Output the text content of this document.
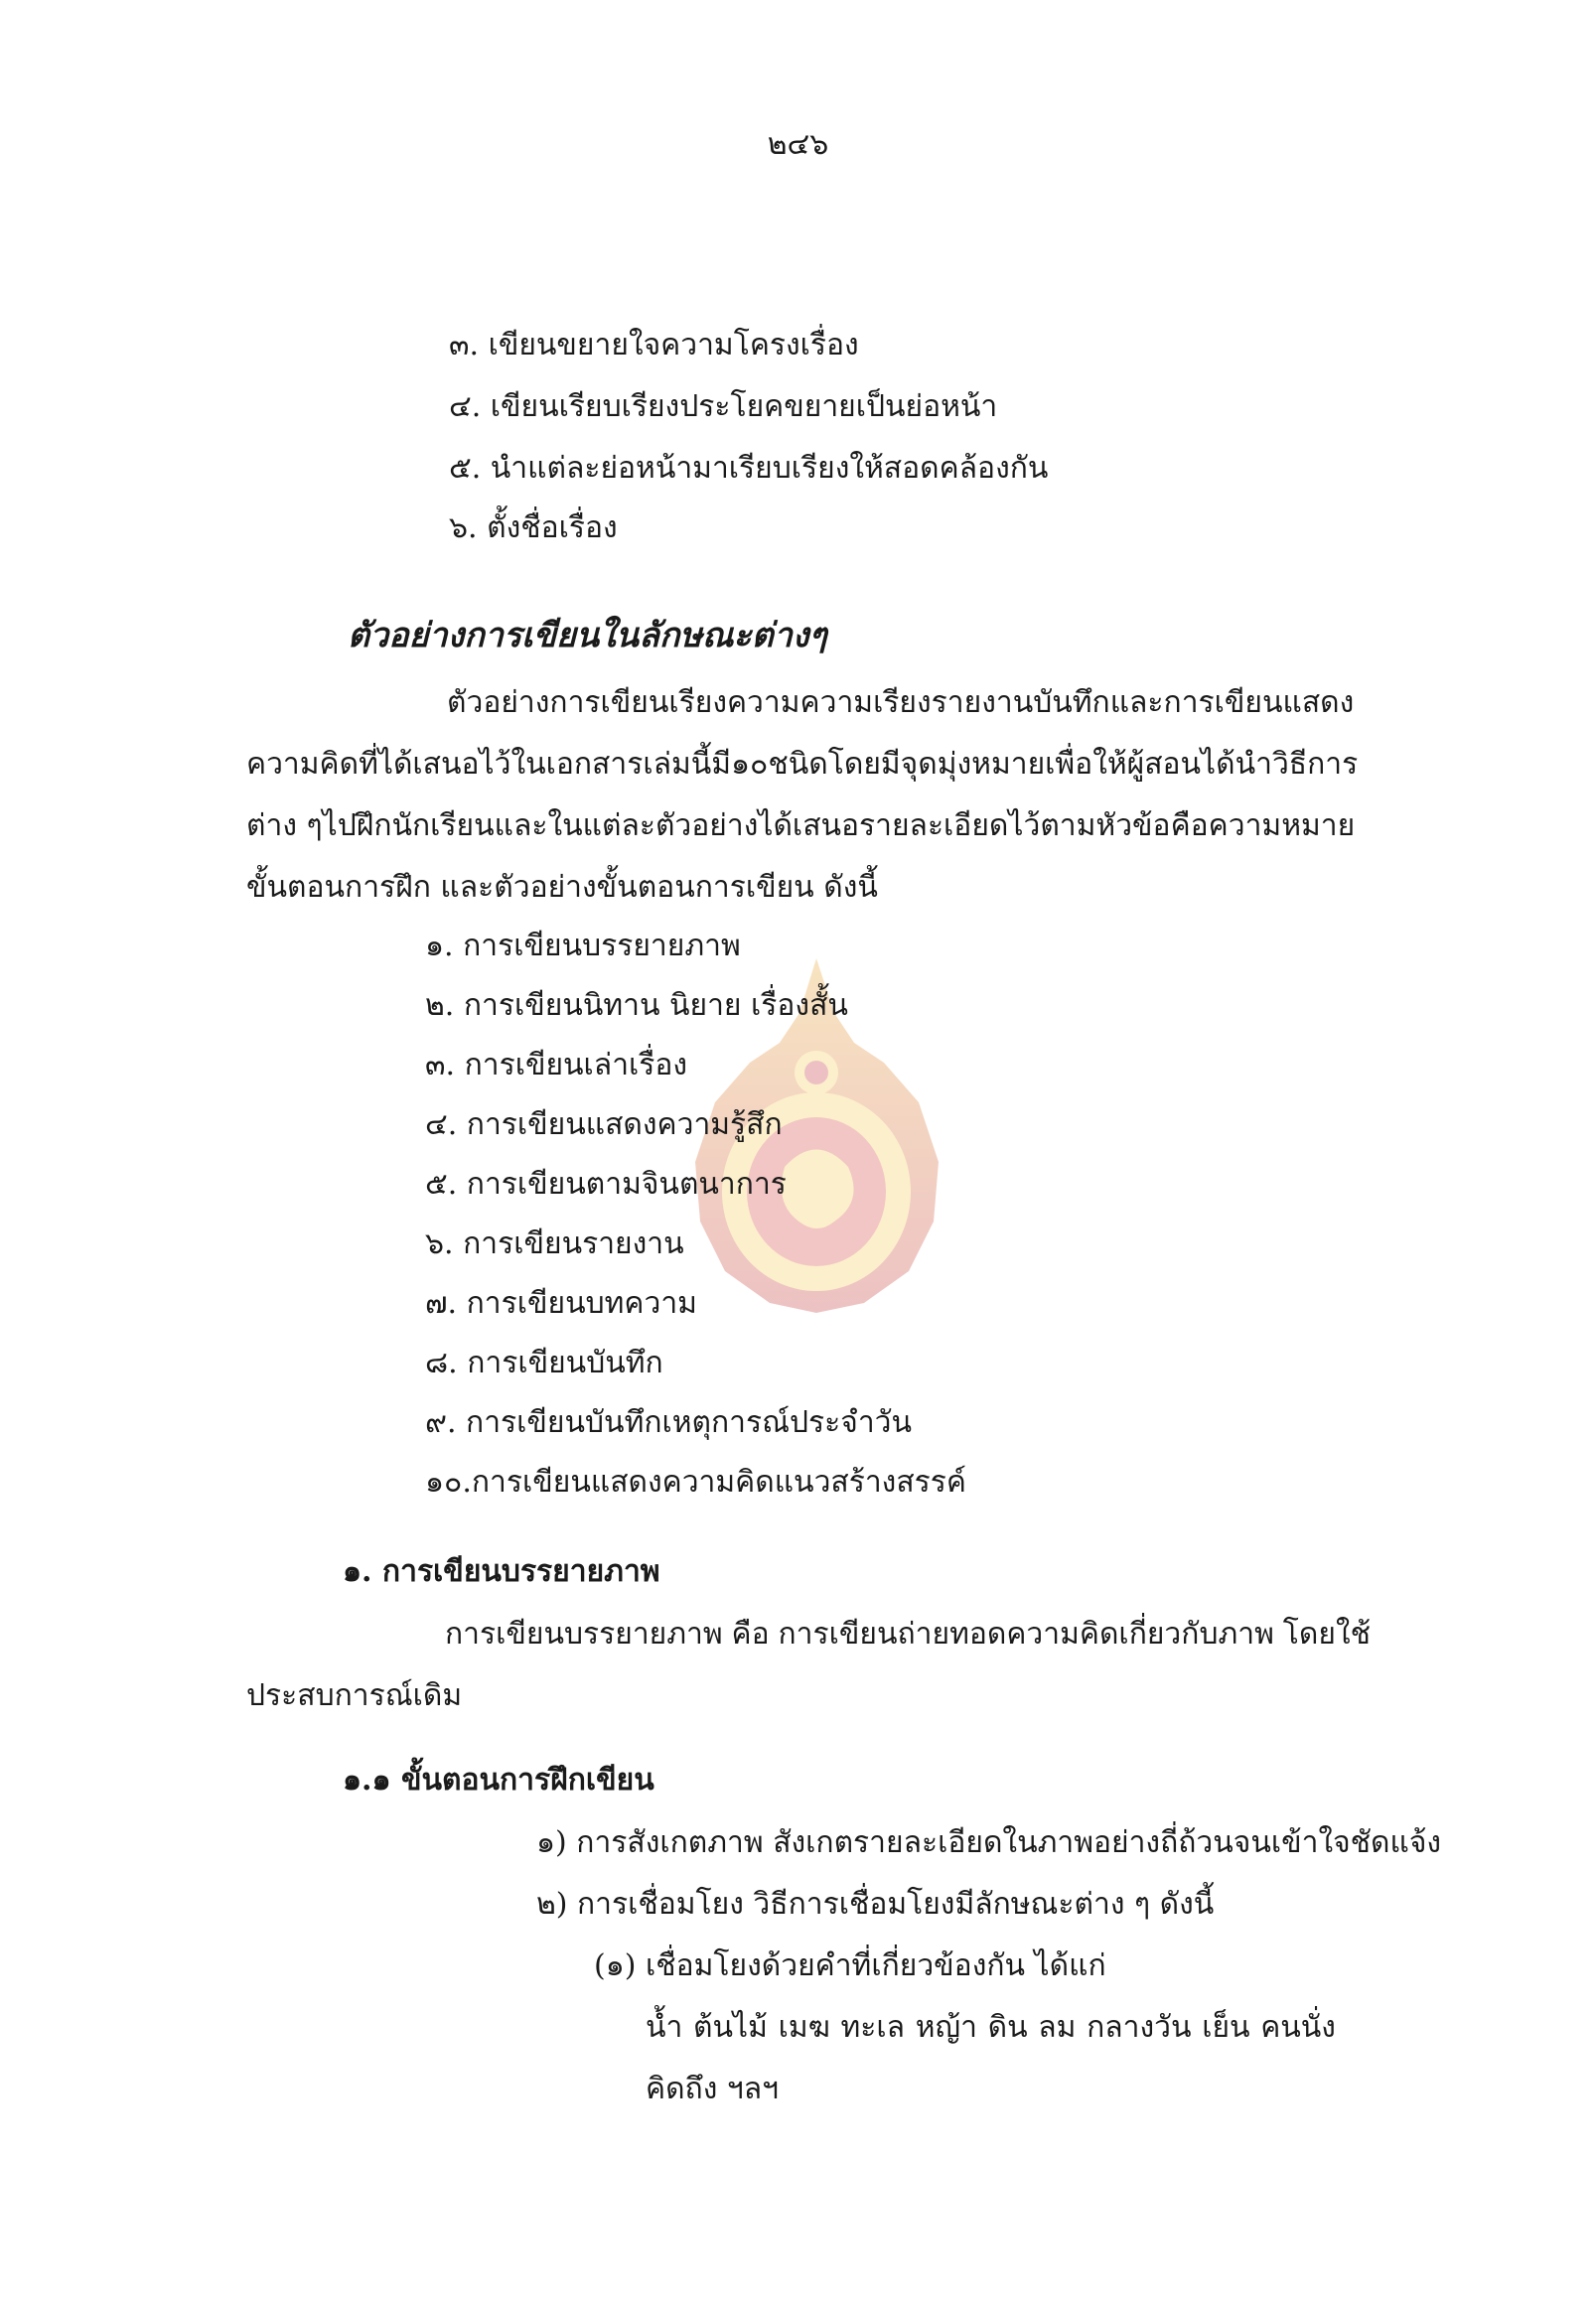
๒๔๖
๓. เขียนขยายใจความโครงเรื่อง
๔. เขียนเรียบเรียงประโยคขยายเป็นย่อหน้า
๕. นำแต่ละย่อหน้ามาเรียบเรียงให้สอดคล้องกัน
๖. ตั้งชื่อเรื่อง
ตัวอย่างการเขียนในลักษณะต่างๆ
ตัวอย่างการเขียนเรียงความ ความเรียง รายงาน บันทึกและการเขียนแสดง
ความคิดที่ได้เสนอไว้ในเอกสารเล่มนี้มี ๑๐ ชนิด โดยมีจุดมุ่งหมายเพื่อให้ผู้สอนได้นำวิธีการ
ต่าง ๆ ไปฝึกนักเรียน และในแต่ละตัวอย่างได้เสนอรายละเอียดไว้ตามหัวข้อ คือ ความหมาย
ขั้นตอนการฝึก และตัวอย่างขั้นตอนการเขียน ดังนี้
๑. การเขียนบรรยายภาพ
๒. การเขียนนิทาน นิยาย เรื่องสั้น
๓. การเขียนเล่าเรื่อง
๔. การเขียนแสดงความรู้สึก
๕. การเขียนตามจินตนาการ
๖. การเขียนรายงาน
๗. การเขียนบทความ
๘. การเขียนบันทึก
๙. การเขียนบันทึกเหตุการณ์ประจำวัน
๑๐.การเขียนแสดงความคิดแนวสร้างสรรค์
๑. การเขียนบรรยายภาพ
การเขียนบรรยายภาพ คือ การเขียนถ่ายทอดความคิดเกี่ยวกับภาพ โดยใช้
ประสบการณ์เดิม
๑.๑ ขั้นตอนการฝึกเขียน
๑) การสังเกตภาพ สังเกตรายละเอียดในภาพอย่างถี่ถ้วนจนเข้าใจชัดแจ้ง
๒) การเชื่อมโยง วิธีการเชื่อมโยงมีลักษณะต่าง ๆ ดังนี้
(๑) เชื่อมโยงด้วยคำที่เกี่ยวข้องกัน ได้แก่
น้ำ ต้นไม้ เมฆ ทะเล หญ้า ดิน ลม กลางวัน เย็น คนนั่ง
คิดถึง ฯลฯ
